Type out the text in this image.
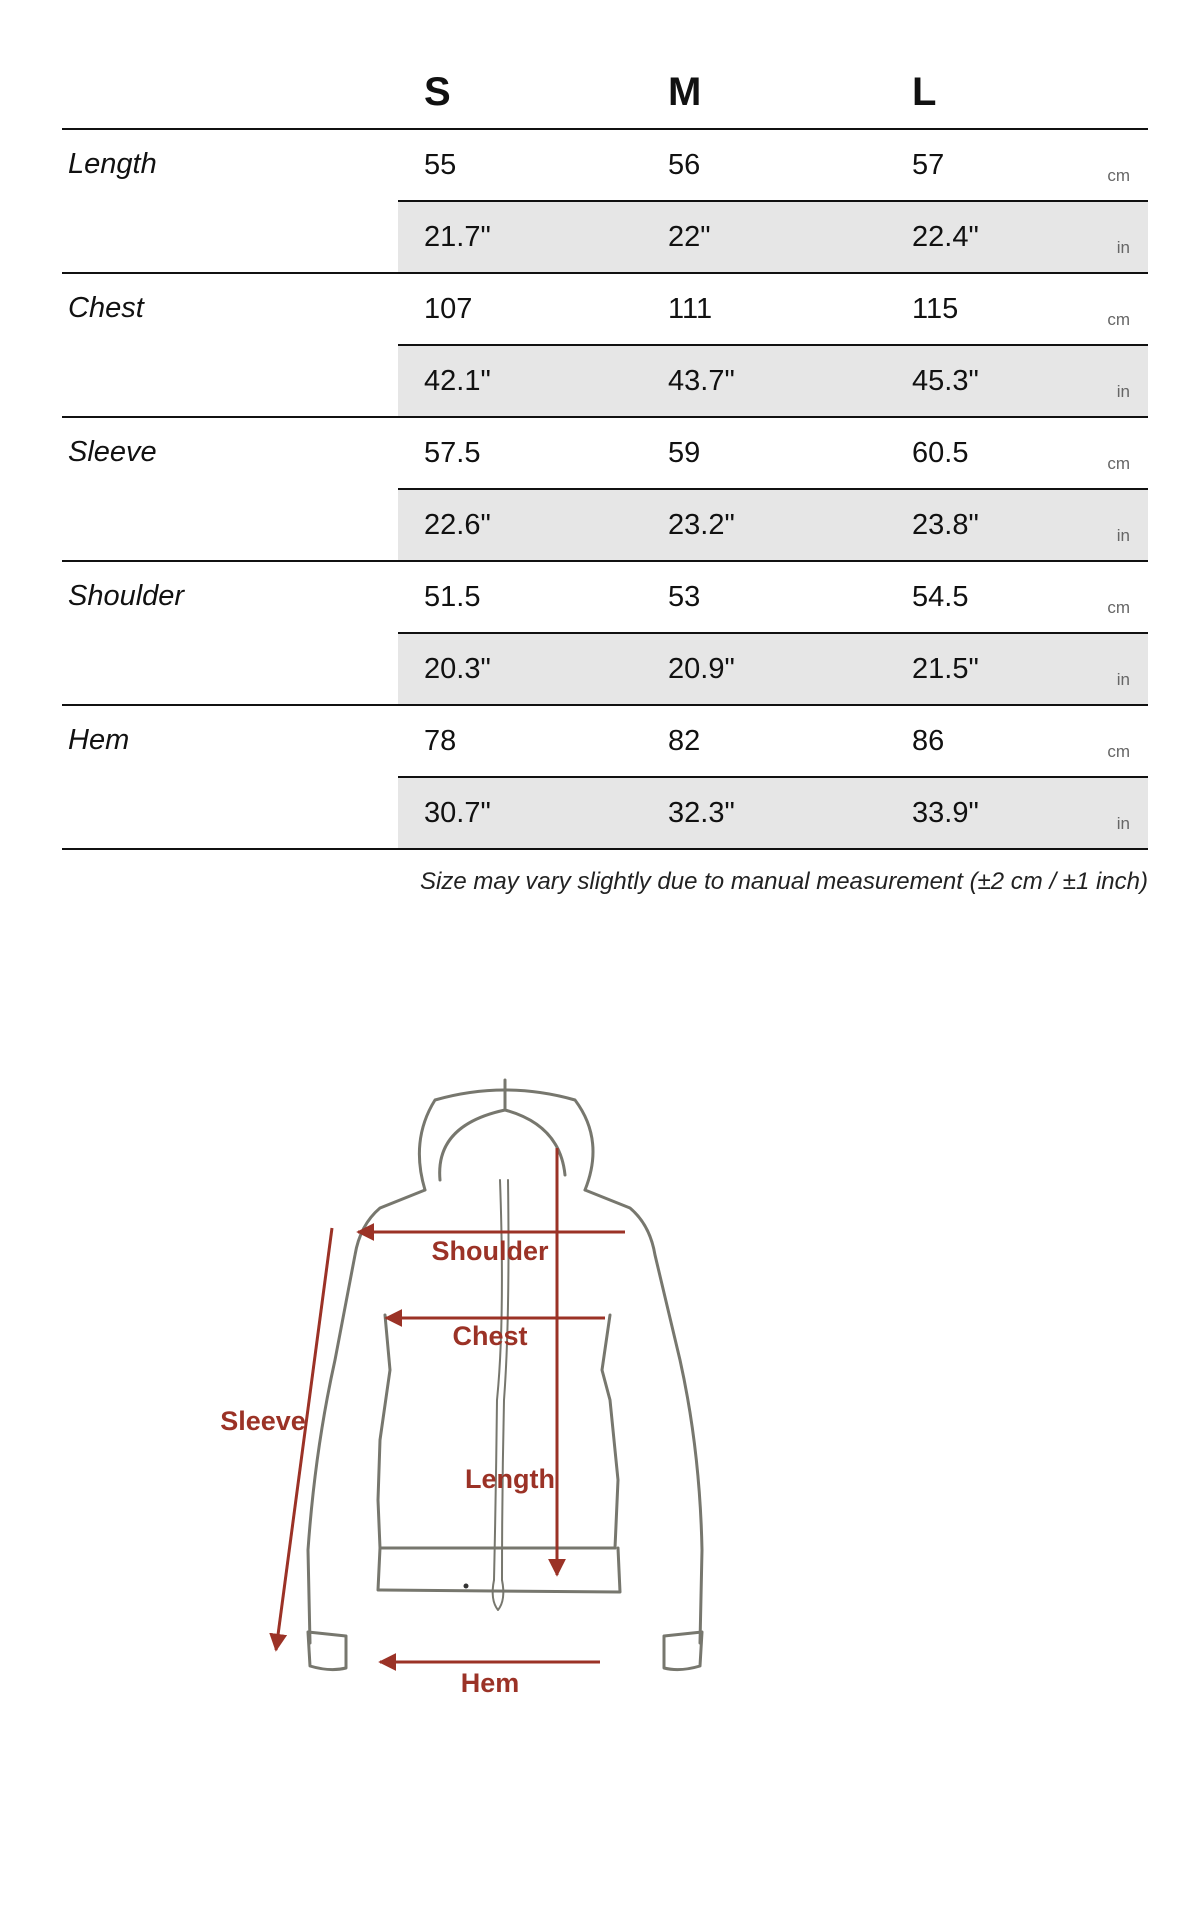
	S	M	L
Length	55	56	57 cm

	21.7"	22"	22.4" in

Chest	107	111	115 cm

	42.1"	43.7"	45.3" in

Sleeve	57.5	59	60.5 cm

	22.6"	23.2"	23.8" in

Shoulder	51.5	53	54.5 cm

	20.3"	20.9"	21.5" in

Hem	78	82	86 cm

	30.7"	32.3"	33.9" in
Size may vary slightly due to manual measurement (±2 cm / ±1 inch)
Shoulder
Chest
Length
Sleeve
Hem
